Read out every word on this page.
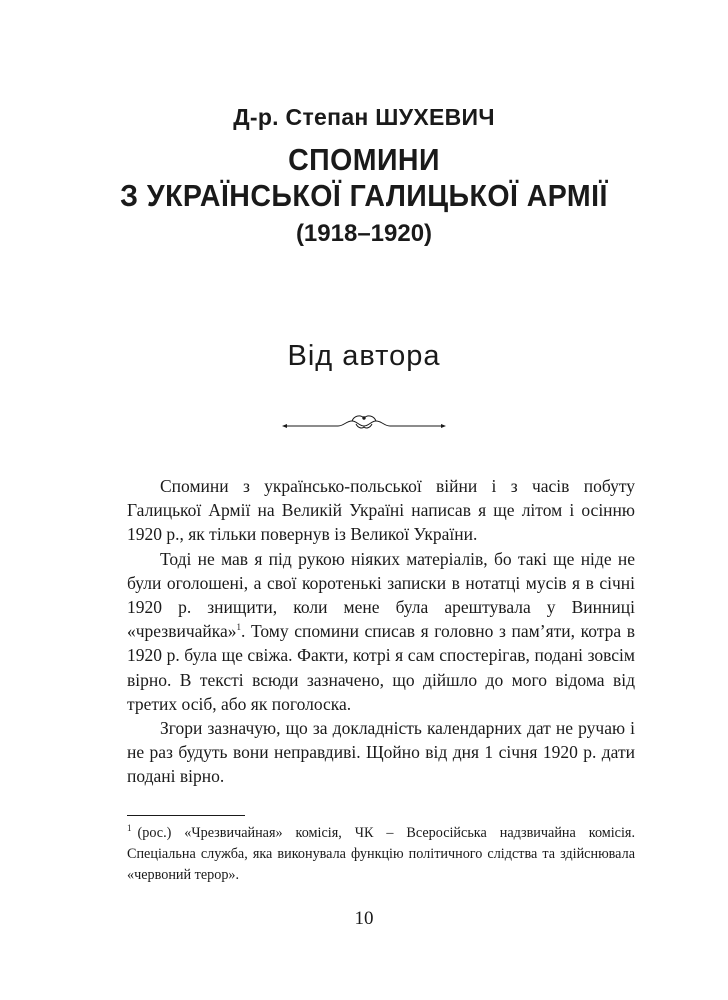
Д-р. Степан ШУХЕВИЧ
СПОМИНИ
З УКРАЇНСЬКОЇ ГАЛИЦЬКОЇ АРМІЇ
(1918–1920)
Від автора

Спомини з українсько-польської війни і з часів побуту Галицької Армії на Великій Україні написав я ще літом і осінню 1920 р., як тільки повернув із Великої України.

Тоді не мав я під рукою ніяких матеріалів, бо такі ще ніде не були оголошені, а свої коротенькі записки в нотатці мусів я в січні 1920 р. знищити, коли мене була арештувала у Винниці «чрезвичайка»$^1$. Тому спомини списав я головно з пам’яти, котра в 1920 р. була ще свіжа. Факти, котрі я сам спостерігав, подані зовсім вірно. В тексті всюди зазначено, що дійшло до мого відома від третих осіб, або як поголоска.

Згори зазначую, що за докладність календарних дат не ручаю і не раз будуть вони неправдиві. Щойно від дня 1 січня 1920 р. дати подані вірно.

$^1$ (рос.) «Чрезвичайная» комісія, ЧК – Всеросійська надзвичайна комісія. Спеціальна служба, яка виконувала функцію політичного слідства та здійснювала «червоний терор».
10
